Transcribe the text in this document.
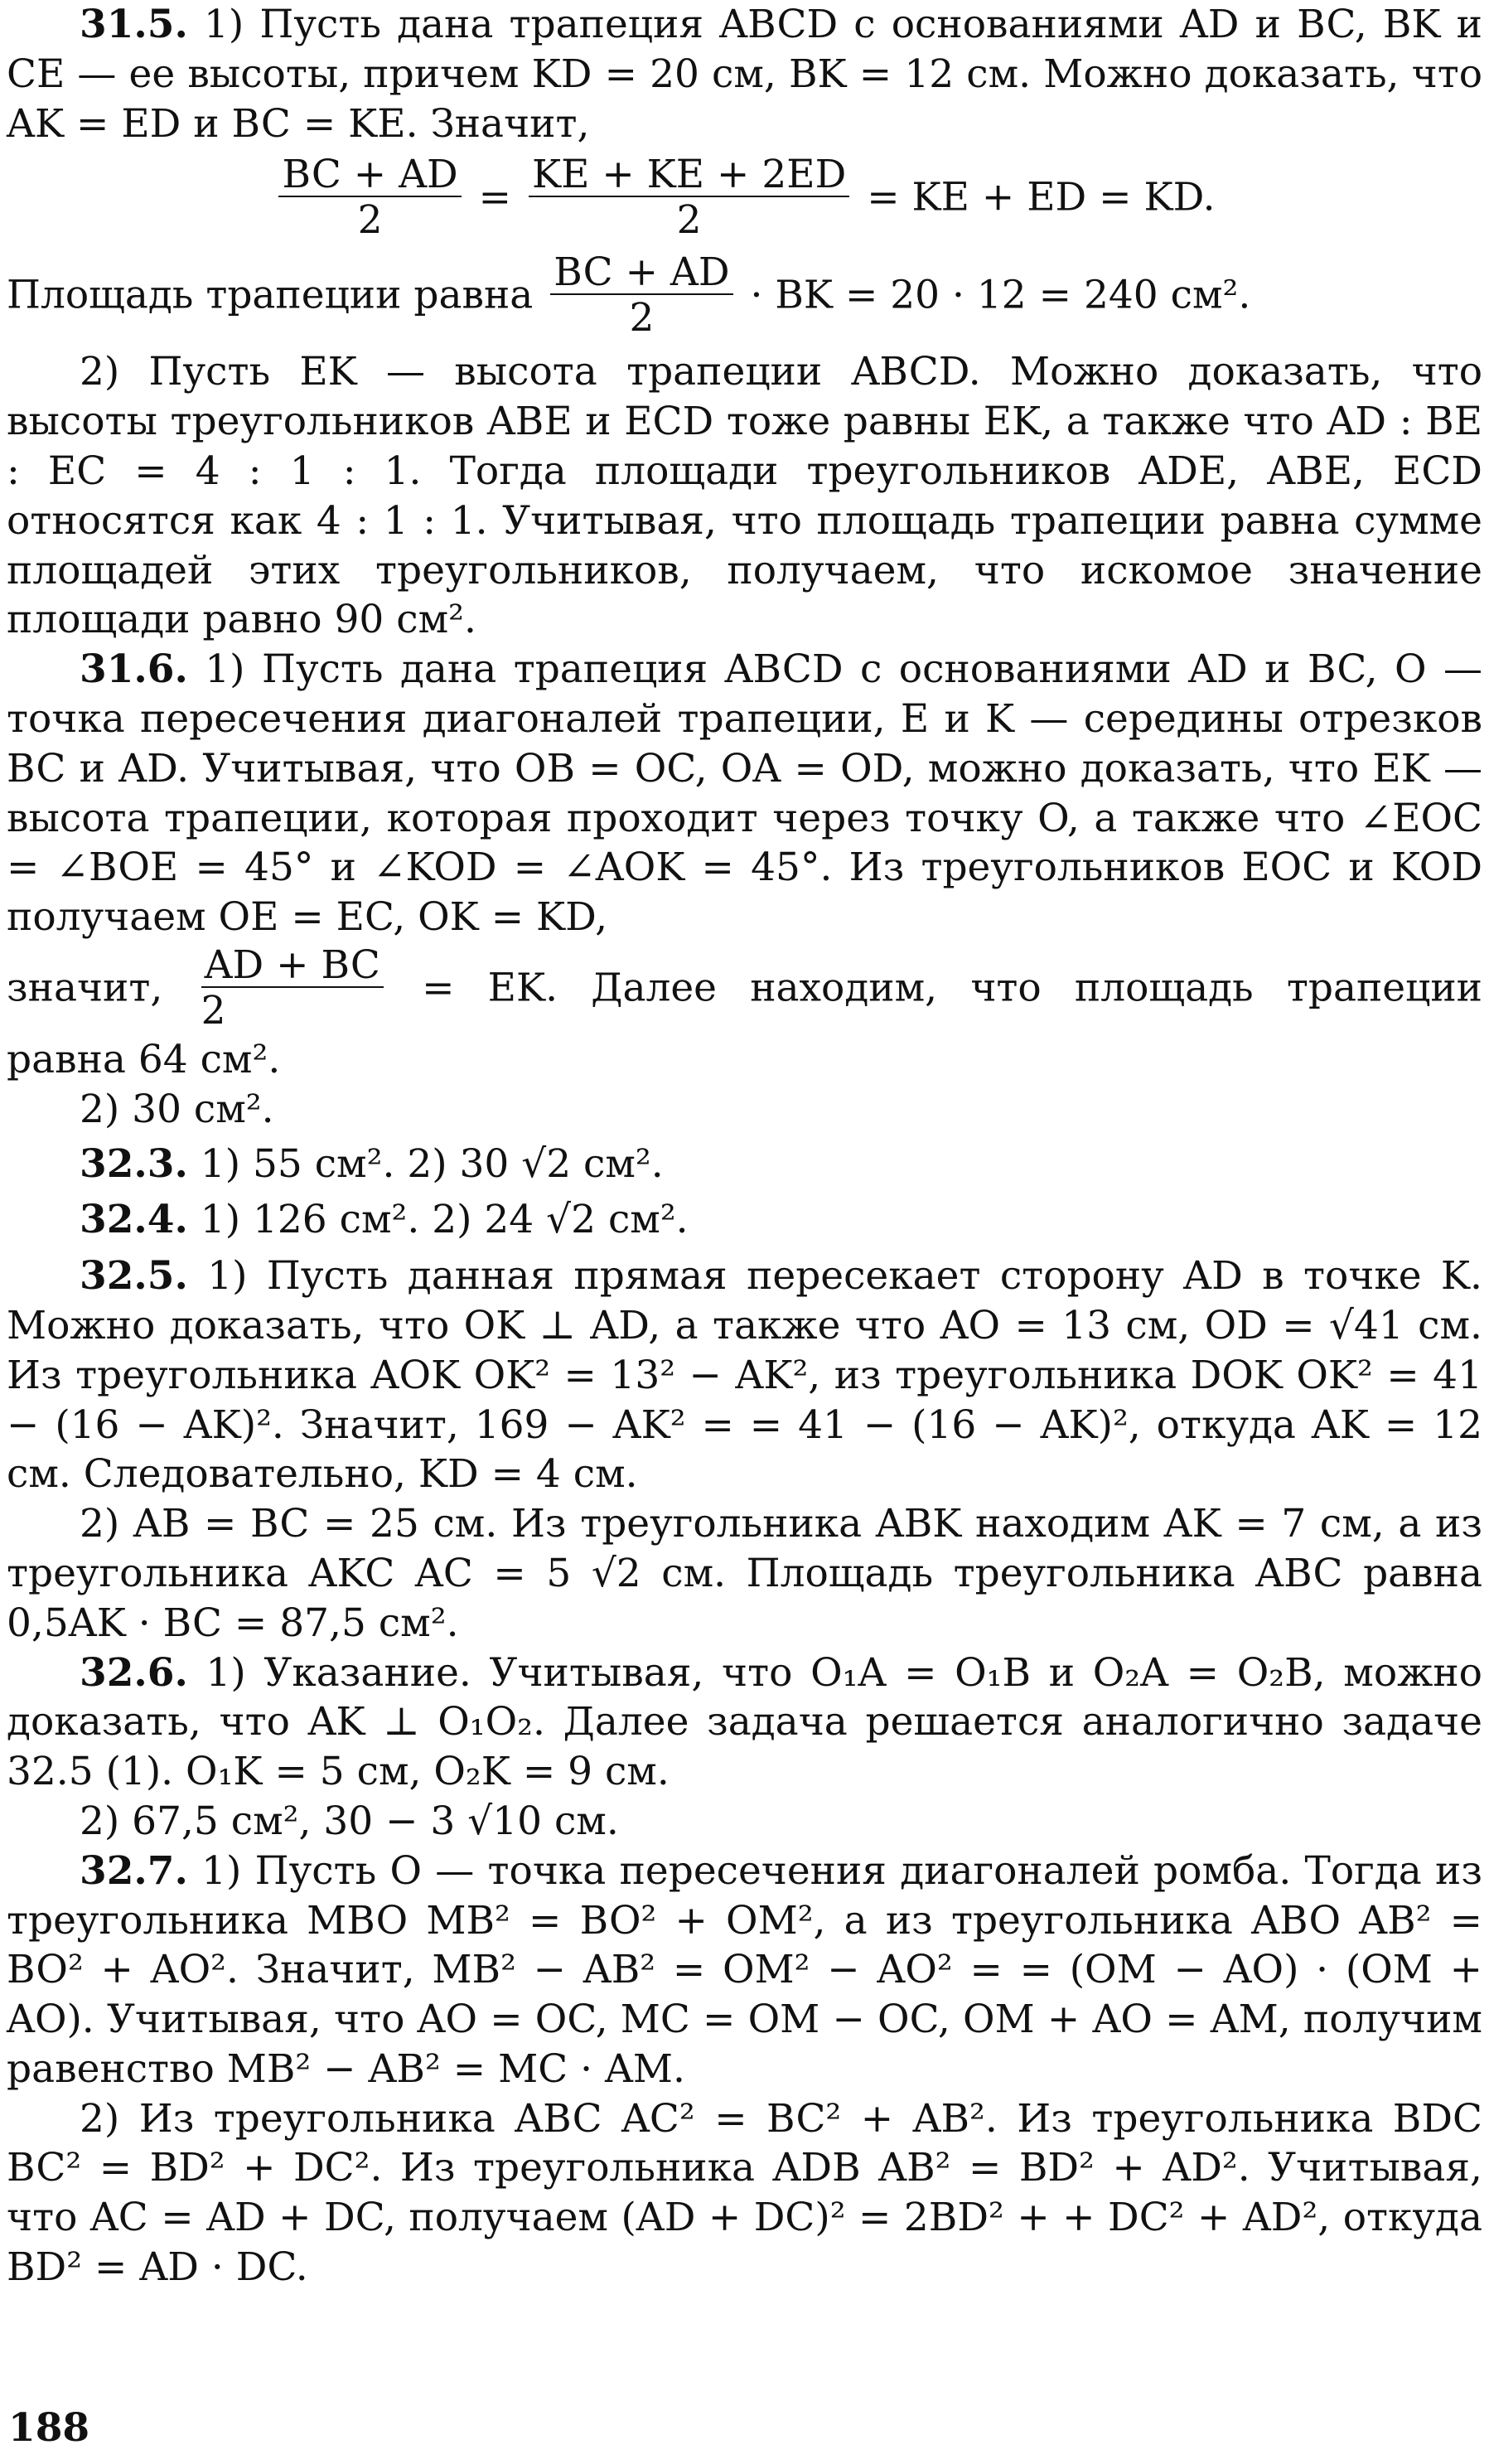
31.5. 1) Пусть дана трапеция ABCD с основаниями AD и BC, BK и CE — ее высоты, причем KD = 20 см, BK = 12 см. Можно доказать, что AK = ED и BC = KE. Значит,

$\frac{BC + AD}{2} = \frac{KE + KE + 2ED}{2}$ = KE + ED = KD.

Площадь трапеции равна $\frac{BC + AD}{2}$ · BK = 20 · 12 = 240 см².

2) Пусть EK — высота трапеции ABCD. Можно доказать, что высоты треугольников ABE и ECD тоже равны EK, а также что AD : BE : EC = 4 : 1 : 1. Тогда площади треугольников ADE, ABE, ECD относятся как 4 : 1 : 1. Учитывая, что площадь трапеции равна сумме площадей этих треугольников, получаем, что искомое значение площади равно 90 см².

31.6. 1) Пусть дана трапеция ABCD с основаниями AD и BC, O — точка пересечения диагоналей трапеции, E и K — середины отрезков BC и AD. Учитывая, что OB = OC, OA = OD, можно доказать, что EK — высота трапеции, которая проходит через точку O, а также что ∠EOC = ∠BOE = 45° и ∠KOD = ∠AOK = 45°. Из треугольников EOC и KOD получаем OE = EC, OK = KD,

значит, $\frac{AD + BC}{2}$ = EK. Далее находим, что площадь трапеции

равна 64 см².

2) 30 см².

32.3. 1) 55 см². 2) 30 √2 см².

32.4. 1) 126 см². 2) 24 √2 см².

32.5. 1) Пусть данная прямая пересекает сторону AD в точке K. Можно доказать, что OK ⊥ AD, а также что AO = 13 см, OD = √41 см. Из треугольника AOK OK² = 13² − AK², из треугольника DOK OK² = 41 − (16 − AK)². Значит, 169 − AK² = = 41 − (16 − AK)², откуда AK = 12 см. Следовательно, KD = 4 см.

2) AB = BC = 25 см. Из треугольника ABK находим AK = 7 см, а из треугольника AKC AC = 5 √2 см. Площадь треугольника ABC равна 0,5AK · BC = 87,5 см².

32.6. 1) Указание. Учитывая, что O₁A = O₁B и O₂A = O₂B, можно доказать, что AK ⊥ O₁O₂. Далее задача решается аналогично задаче 32.5 (1). O₁K = 5 см, O₂K = 9 см.

2) 67,5 см², 30 − 3 √10 см.

32.7. 1) Пусть O — точка пересечения диагоналей ромба. Тогда из треугольника MBO MB² = BO² + OM², а из треугольника ABO AB² = BO² + AO². Значит, MB² − AB² = OM² − AO² = = (OM − AO) · (OM + AO). Учитывая, что AO = OC, MC = OM − OC, OM + AO = AM, получим равенство MB² − AB² = MC · AM.

2) Из треугольника ABC AC² = BC² + AB². Из треугольника BDC BC² = BD² + DC². Из треугольника ADB AB² = BD² + AD². Учитывая, что AC = AD + DC, получаем (AD + DC)² = 2BD² + + DC² + AD², откуда BD² = AD · DC.

188
